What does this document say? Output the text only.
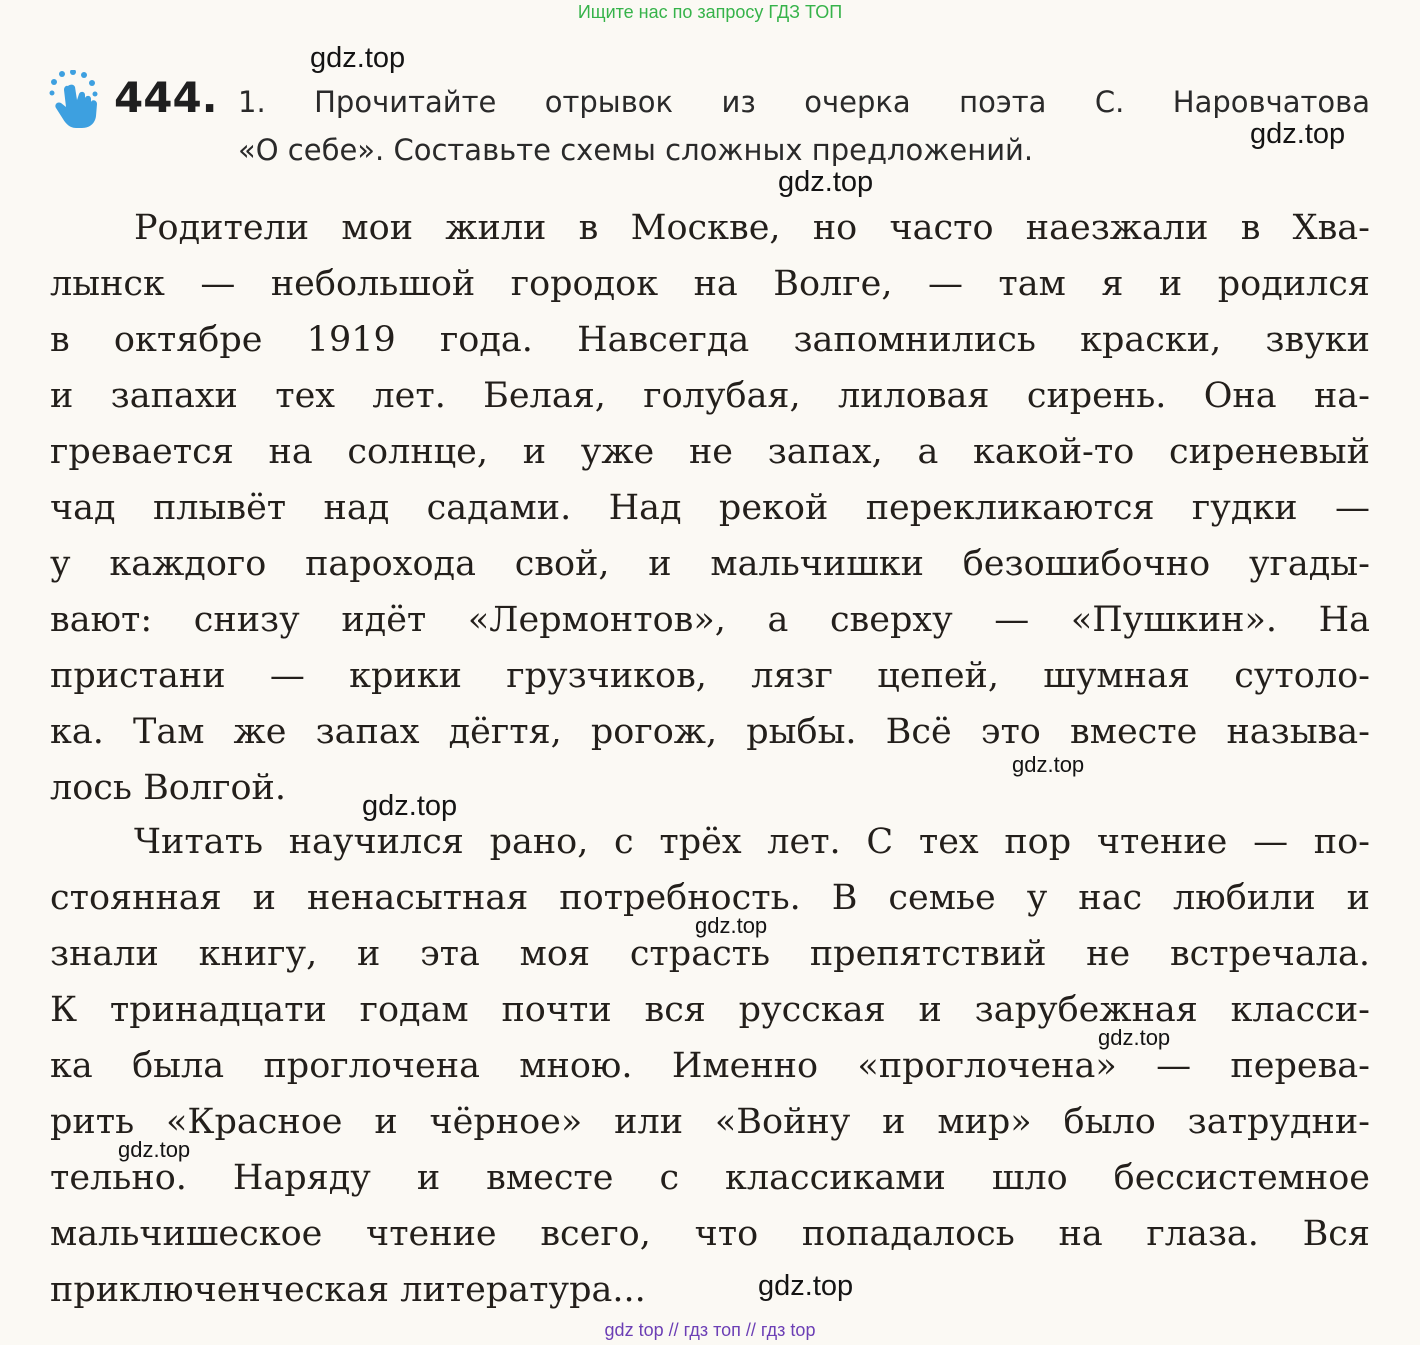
Ищите нас по запросу ГДЗ ТОП

444. 1. Прочитайте отрывок из очерка поэта С. Наровчатова
«О себе». Составьте схемы сложных предложений.
Родители мои жили в Москве, но часто наезжали в Хва-
лынск — небольшой городок на Волге, — там я и родился
в октябре 1919 года. Навсегда запомнились краски, звуки
и запахи тех лет. Белая, голубая, лиловая сирень. Она на-
гревается на солнце, и уже не запах, а какой-то сиреневый
чад плывёт над садами. Над рекой перекликаются гудки —
у каждого парохода свой, и мальчишки безошибочно угады-
вают: снизу идёт «Лермонтов», а сверху — «Пушкин». На
пристани — крики грузчиков, лязг цепей, шумная сутоло-
ка. Там же запах дёгтя, рогож, рыбы. Всё это вместе называ-
лось Волгой.
Читать научился рано, с трёх лет. С тех пор чтение — по-
стоянная и ненасытная потребность. В семье у нас любили и
знали книгу, и эта моя страсть препятствий не встречала.
К тринадцати годам почти вся русская и зарубежная класси-
ка была проглочена мною. Именно «проглочена» — перева-
рить «Красное и чёрное» или «Войну и мир» было затрудни-
тельно. Наряду и вместе с классиками шло бессистемное
мальчишеское чтение всего, что попадалось на глаза. Вся
приключенческая литература...
gdz.top
gdz.top
gdz.top
gdz.top
gdz.top
gdz.top
gdz.top
gdz.top
gdz.top
gdz top // гдз топ // гдз top
